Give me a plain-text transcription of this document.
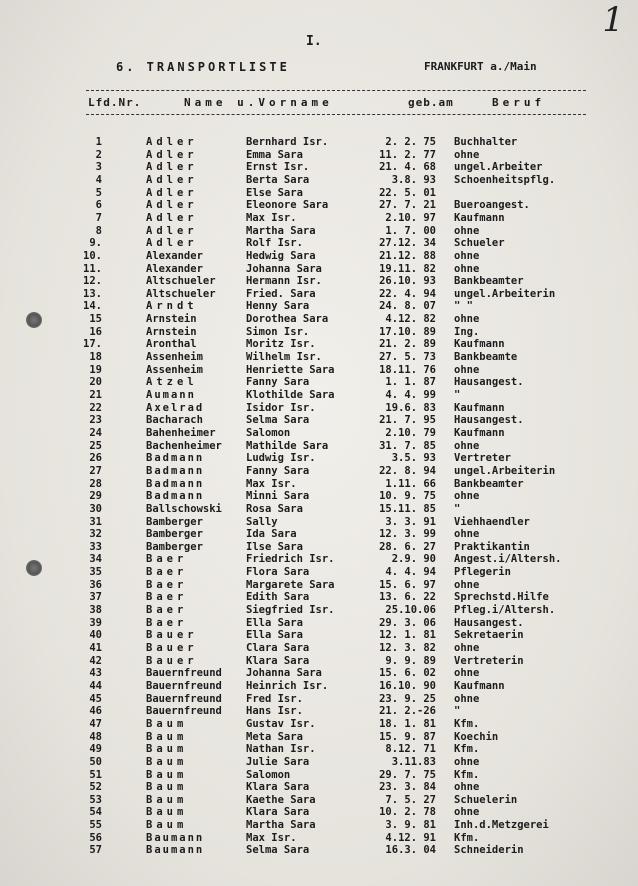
1
I.
6. TRANSPORTLISTE	FRANKFURT a./Main
Lfd.Nr.	Name u.Vorname	geb.am	Beruf
1	Adler	Bernhard Isr.	2. 2. 75 Buchhalter
2	Adler	Emma Sara	11. 2. 77 ohne
3	Adler	Ernst Isr.	21. 4. 68 ungel.Arbeiter
4	Adler	Berta Sara	3.8. 93 Schoenheitspflg.
5	Adler	Else Sara	22. 5. 01
6	Adler	Eleonore Sara	27. 7. 21 Bueroangest.
7	Adler	Max Isr.	2.10. 97 Kaufmann
8	Adler	Martha Sara	1. 7. 00 ohne
9.	Adler	Rolf Isr.	27.12. 34 Schueler
10.	Alexander	Hedwig Sara	21.12. 88 ohne
11.	Alexander	Johanna Sara	19.11. 82 ohne
12.	Altschueler	Hermann Isr.	26.10. 93 Bankbeamter
13.	Altschueler	Fried. Sara	22. 4. 94 ungel.Arbeiterin
14.	Arndt	Henny Sara	24. 8. 07 " "
15	Arnstein	Dorothea Sara	4.12. 82 ohne
16	Arnstein	Simon Isr.	17.10. 89 Ing.
17.	Aronthal	Moritz Isr.	21. 2. 89 Kaufmann
18	Assenheim	Wilhelm Isr.	27. 5. 73 Bankbeamte
19	Assenheim	Henriette Sara	18.11. 76 ohne
20	Atzel	Fanny Sara	1. 1. 87 Hausangest.
21	Aumann	Klothilde Sara	4. 4. 99 "
22	Axelrad	Isidor Isr.	19.6. 83 Kaufmann
23	Bacharach	Selma Sara	21. 7. 95 Hausangest.
24	Bahenheimer	Salomon	2.10. 79 Kaufmann
25	Bachenheimer Mathilde Sara	31. 7. 85 ohne
26	Badmann	Ludwig Isr.	3.5. 93 Vertreter
27	Badmann	Fanny Sara	22. 8. 94 ungel.Arbeiterin
28	Badmann	Max Isr.	1.11. 66 Bankbeamter
29	Badmann	Minni Sara	10. 9. 75 ohne
30	Ballschowski Rosa Sara	15.11. 85 "
31	Bamberger	Sally	3. 3. 91 Viehhaendler
32	Bamberger	Ida Sara	12. 3. 99 ohne
33	Bamberger	Ilse Sara	28. 6. 27 Praktikantin
34	Baer	Friedrich Isr.	2.9. 90 Angest.i/Altersh.
35	Baer	Flora Sara	4. 4. 94 Pflegerin
36	Baer	Margarete Sara	15. 6. 97 ohne
37	Baer	Edith Sara	13. 6. 22 Sprechstd.Hilfe
38	Baer	Siegfried Isr.	25.10.06 Pfleg.i/Altersh.
39	Baer	Ella Sara	29. 3. 06 Hausangest.
40	Bauer	Ella Sara	12. 1. 81 Sekretaerin
41	Bauer	Clara Sara	12. 3. 82 ohne
42	Bauer	Klara Sara	9. 9. 89 Vertreterin
43	Bauernfreund Johanna Sara	15. 6. 02 ohne
44	Bauernfreund Heinrich Isr.	16.10. 90 Kaufmann
45	Bauernfreund Fred Isr.	23. 9. 25 ohne
46	Bauernfreund Hans Isr.	21. 2.-26 "
47	Baum	Gustav Isr.	18. 1. 81 Kfm.
48	Baum	Meta Sara	15. 9. 87 Koechin
49	Baum	Nathan Isr.	8.12. 71 Kfm.
50	Baum	Julie Sara	3.11.83 ohne
51	Baum	Salomon	29. 7. 75 Kfm.
52	Baum	Klara Sara	23. 3. 84 ohne
53	Baum	Kaethe Sara	7. 5. 27 Schuelerin
54	Baum	Klara Sara	10. 2. 78 ohne
55	Baum	Martha Sara	3. 9. 81 Inh.d.Metzgerei
56	Baumann	Max Isr.	4.12. 91 Kfm.
57	Baumann	Selma Sara	16.3. 04 Schneiderin
